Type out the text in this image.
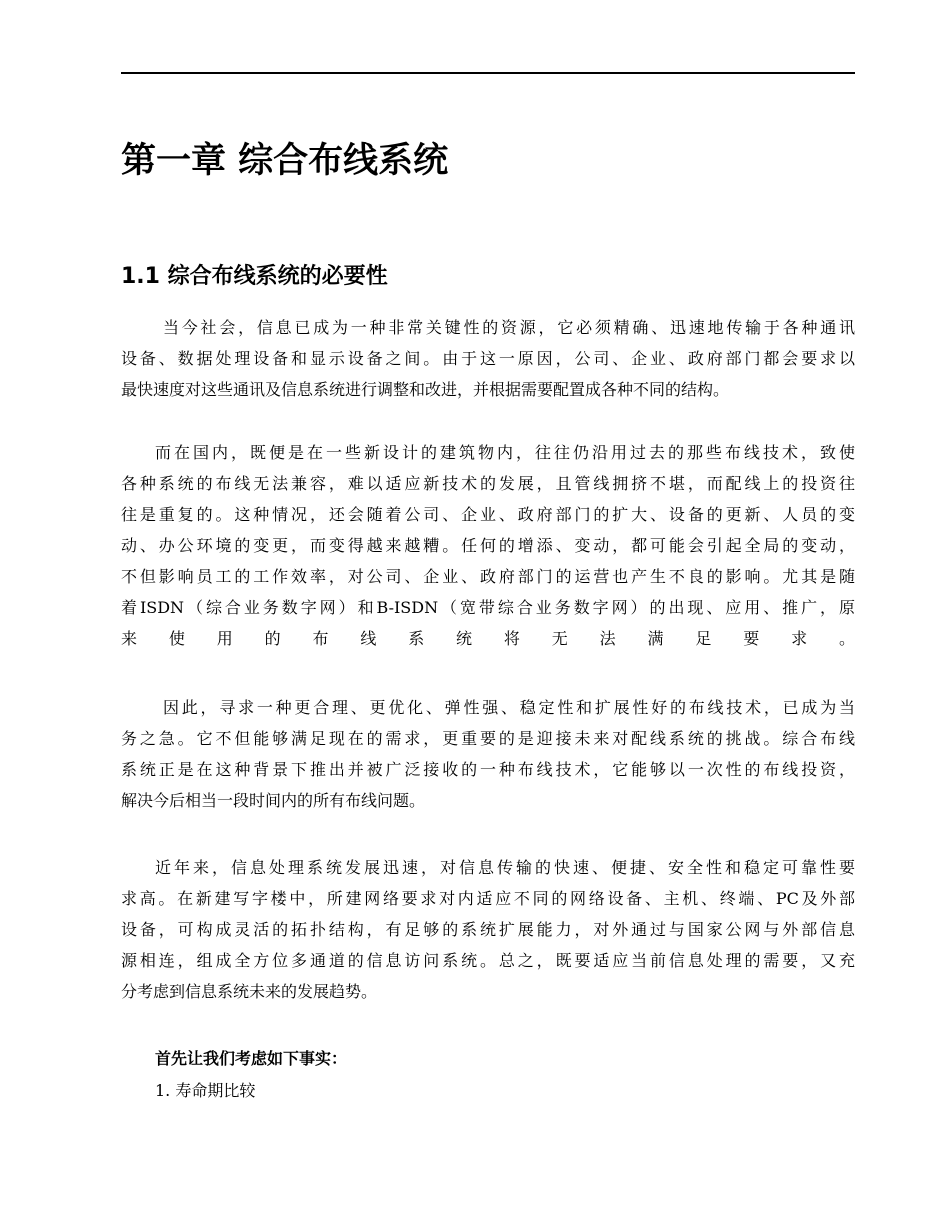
第一章 综合布线系统
1.1 综合布线系统的必要性
当今社会，信息已成为一种非常关键性的资源，它必须精确、迅速地传输于各种通讯
设备、数据处理设备和显示设备之间。由于这一原因，公司、企业、政府部门都会要求以
最快速度对这些通讯及信息系统进行调整和改进，并根据需要配置成各种不同的结构。
而在国内，既便是在一些新设计的建筑物内，往往仍沿用过去的那些布线技术，致使
各种系统的布线无法兼容，难以适应新技术的发展，且管线拥挤不堪，而配线上的投资往
往是重复的。这种情况，还会随着公司、企业、政府部门的扩大、设备的更新、人员的变
动、办公环境的变更，而变得越来越糟。任何的增添、变动，都可能会引起全局的变动，
不但影响员工的工作效率，对公司、企业、政府部门的运营也产生不良的影响。尤其是随
着ISDN（综合业务数字网）和B-ISDN（宽带综合业务数字网）的出现、应用、推广，原
来使用的布线系统将无法满足要求。
因此，寻求一种更合理、更优化、弹性强、稳定性和扩展性好的布线技术，已成为当
务之急。它不但能够满足现在的需求，更重要的是迎接未来对配线系统的挑战。综合布线
系统正是在这种背景下推出并被广泛接收的一种布线技术，它能够以一次性的布线投资，
解决今后相当一段时间内的所有布线问题。
近年来，信息处理系统发展迅速，对信息传输的快速、便捷、安全性和稳定可靠性要
求高。在新建写字楼中，所建网络要求对内适应不同的网络设备、主机、终端、PC及外部
设备，可构成灵活的拓扑结构，有足够的系统扩展能力，对外通过与国家公网与外部信息
源相连，组成全方位多通道的信息访问系统。总之，既要适应当前信息处理的需要，又充
分考虑到信息系统未来的发展趋势。

首先让我们考虑如下事实：

1. 寿命期比较
